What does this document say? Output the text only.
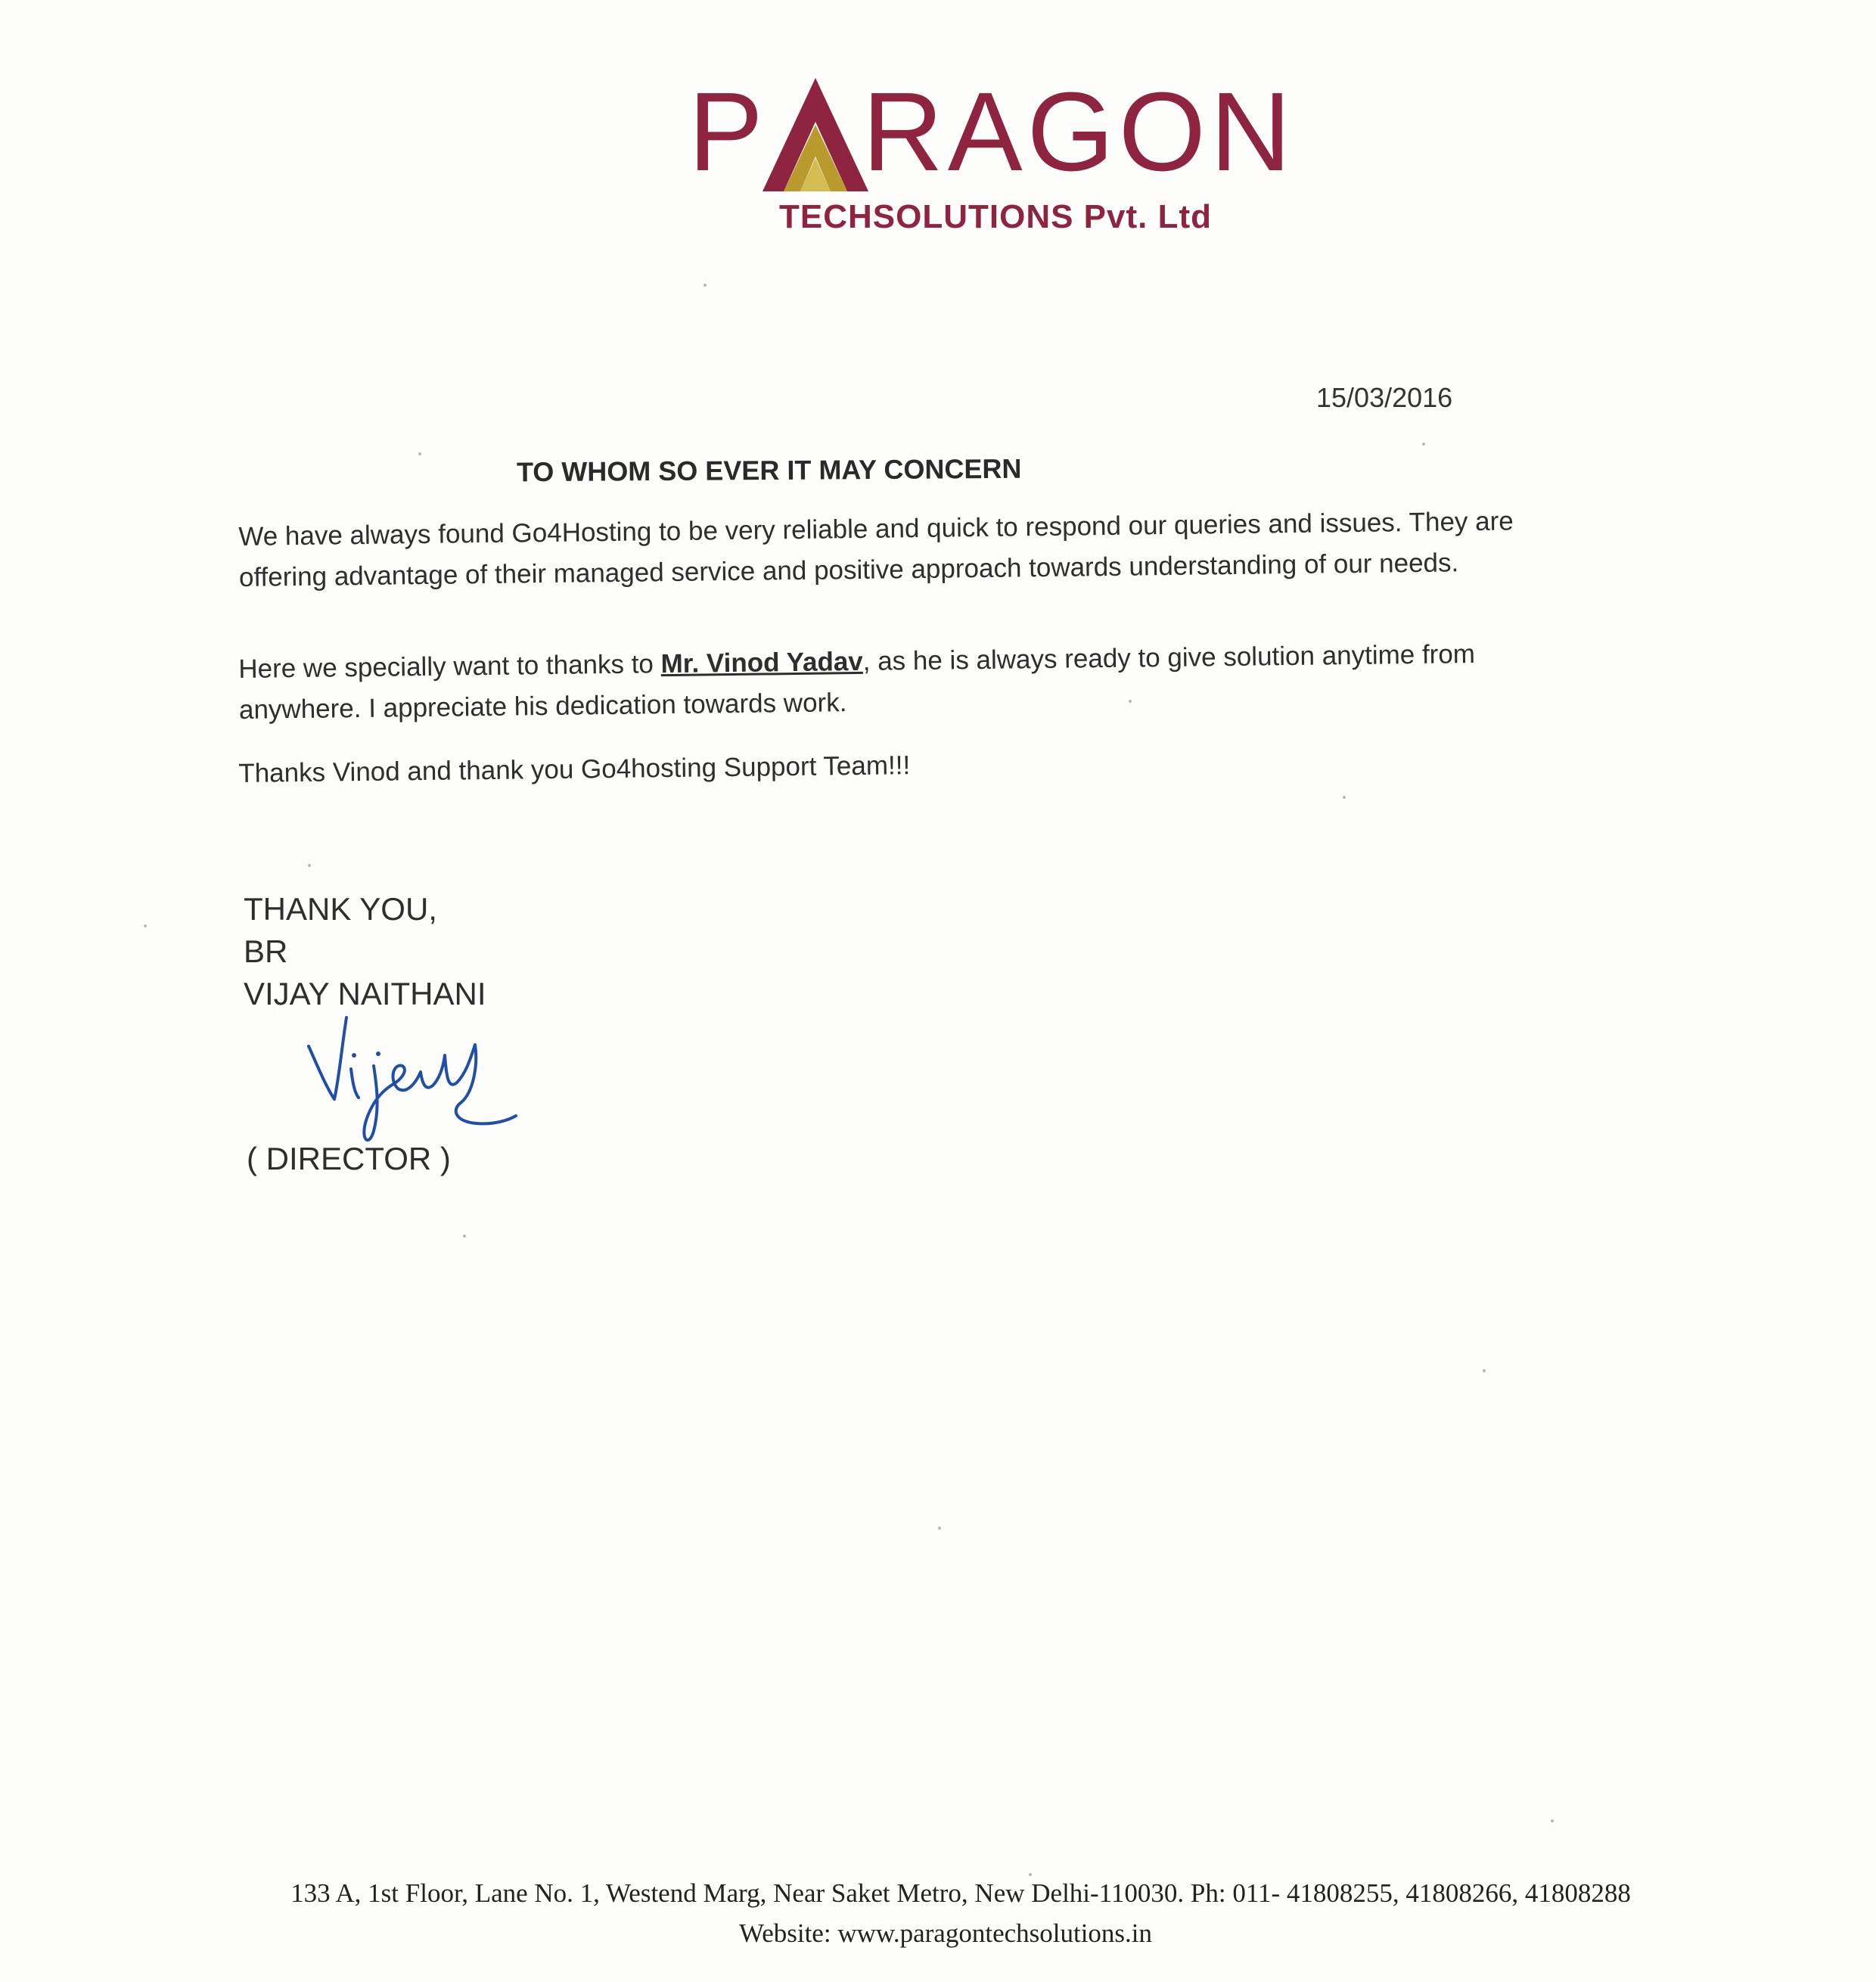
P RAGON
TECHSOLUTIONS Pvt. Ltd
15/03/2016
TO WHOM SO EVER IT MAY CONCERN
We have always found Go4Hosting to be very reliable and quick to respond our queries and issues. They are offering advantage of their managed service and positive approach towards understanding of our needs.
Here we specially want to thanks to Mr. Vinod Yadav, as he is always ready to give solution anytime from anywhere. I appreciate his dedication towards work.
Thanks Vinod and thank you Go4hosting Support Team!!!
THANK YOU,
BR
VIJAY NAITHANI
( DIRECTOR )
133 A, 1st Floor, Lane No. 1, Westend Marg, Near Saket Metro, New Delhi-110030. Ph: 011- 41808255, 41808266, 41808288
Website: www.paragontechsolutions.in
